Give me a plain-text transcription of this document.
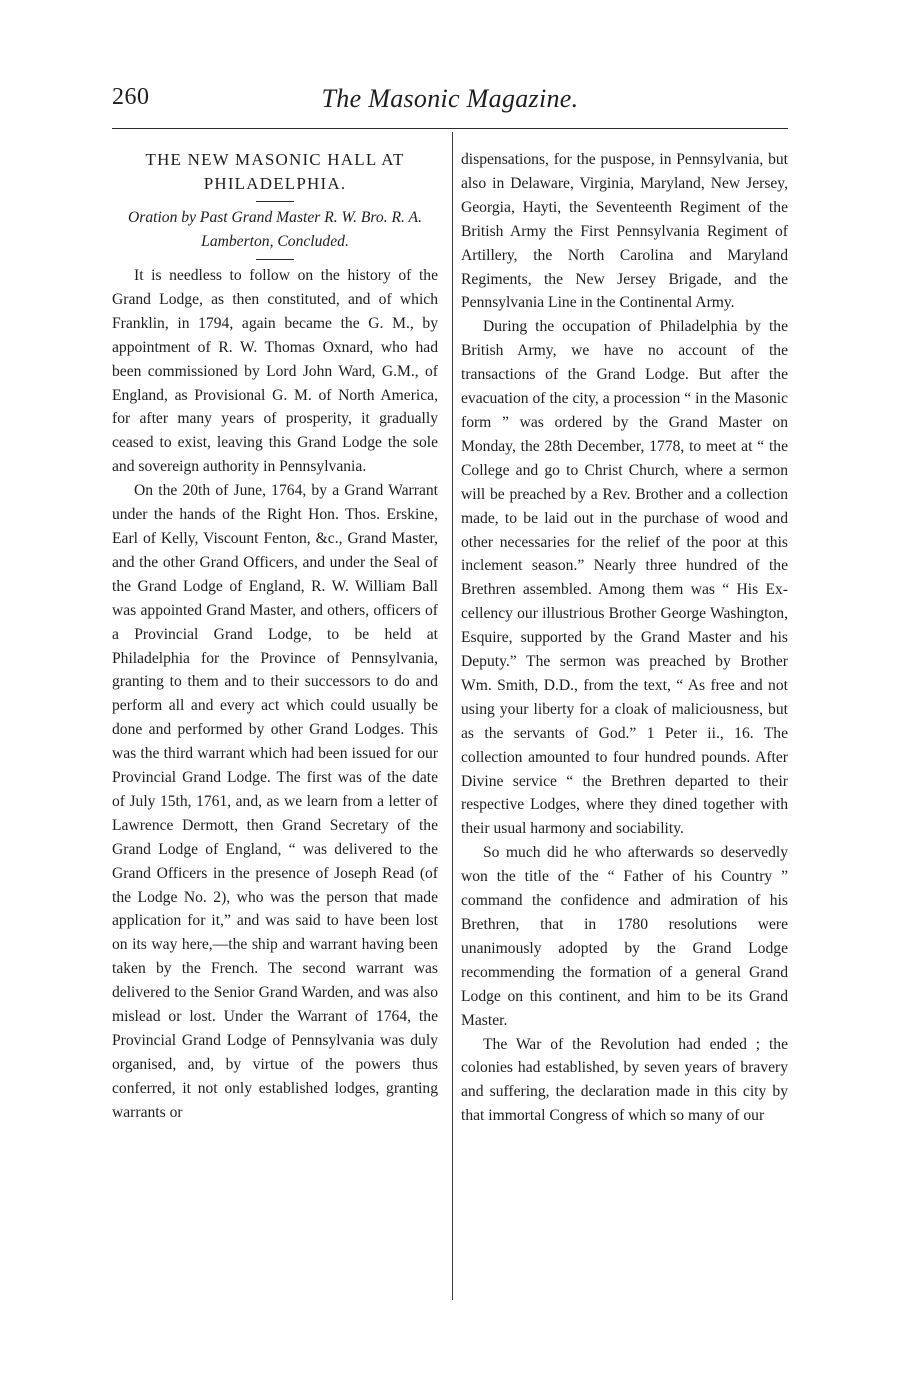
260	The Masonic Magazine.
THE NEW MASONIC HALL AT PHILADELPHIA.

Oration by Past Grand Master R. W. Bro. R. A. Lamberton, Concluded.

It is needless to follow on the history of the Grand Lodge, as then constituted, and of which Franklin, in 1794, again became the G. M., by appointment of R. W. Thomas Oxnard, who had been commissioned by Lord John Ward, G.M., of England, as Provisional G. M. of North America, for after many years of prosperity, it gradually ceased to exist, leaving this Grand Lodge the sole and sovereign authority in Pennsylvania.

On the 20th of June, 1764, by a Grand Warrant under the hands of the Right Hon. Thos. Erskine, Earl of Kelly, Viscount Fenton, &c., Grand Master, and the other Grand Officers, and under the Seal of the Grand Lodge of England, R. W. William Ball was appointed Grand Master, and others, officers of a Provincial Grand Lodge, to be held at Philadelphia for the Province of Pennsylvania, granting to them and to their successors to do and perform all and every act which could usually be done and performed by other Grand Lodges. This was the third warrant which had been issued for our Provincial Grand Lodge. The first was of the date of July 15th, 1761, and, as we learn from a letter of Lawrence Dermott, then Grand Secretary of the Grand Lodge of England, “ was delivered to the Grand Officers in the presence of Joseph Read (of the Lodge No. 2), who was the person that made application for it,” and was said to have been lost on its way here,—the ship and warrant having been taken by the French. The second warrant was delivered to the Senior Grand Warden, and was also mislead or lost. Under the Warrant of 1764, the Provincial Grand Lodge of Pennsylvania was duly organised, and, by virtue of the powers thus conferred, it not only established lodges, granting warrants or

dispensations, for the puspose, in Pennsylvania, but also in Delaware, Virginia, Maryland, New Jersey, Georgia, Hayti, the Seventeenth Regiment of the British Army the First Pennsylvania Regiment of Artillery, the North Carolina and Maryland Regiments, the New Jersey Brigade, and the Pennsylvania Line in the Continental Army.

During the occupation of Philadelphia by the British Army, we have no account of the transactions of the Grand Lodge. But after the evacuation of the city, a procession “ in the Masonic form ” was ordered by the Grand Master on Monday, the 28th December, 1778, to meet at “ the College and go to Christ Church, where a sermon will be preached by a Rev. Brother and a collection made, to be laid out in the purchase of wood and other necessaries for the relief of the poor at this inclement season.” Nearly three hundred of the Brethren assembled. Among them was “ His Excellency our illustrious Brother George Washington, Esquire, supported by the Grand Master and his Deputy.” The sermon was preached by Brother Wm. Smith, D.D., from the text, “ As free and not using your liberty for a cloak of maliciousness, but as the servants of God.” 1 Peter ii., 16. The collection amounted to four hundred pounds. After Divine service “ the Brethren departed to their respective Lodges, where they dined together with their usual harmony and sociability.

So much did he who afterwards so deservedly won the title of the “ Father of his Country ” command the confidence and admiration of his Brethren, that in 1780 resolutions were unanimously adopted by the Grand Lodge recommending the formation of a general Grand Lodge on this continent, and him to be its Grand Master.

The War of the Revolution had ended ; the colonies had established, by seven years of bravery and suffering, the declaration made in this city by that immortal Congress of which so many of our
